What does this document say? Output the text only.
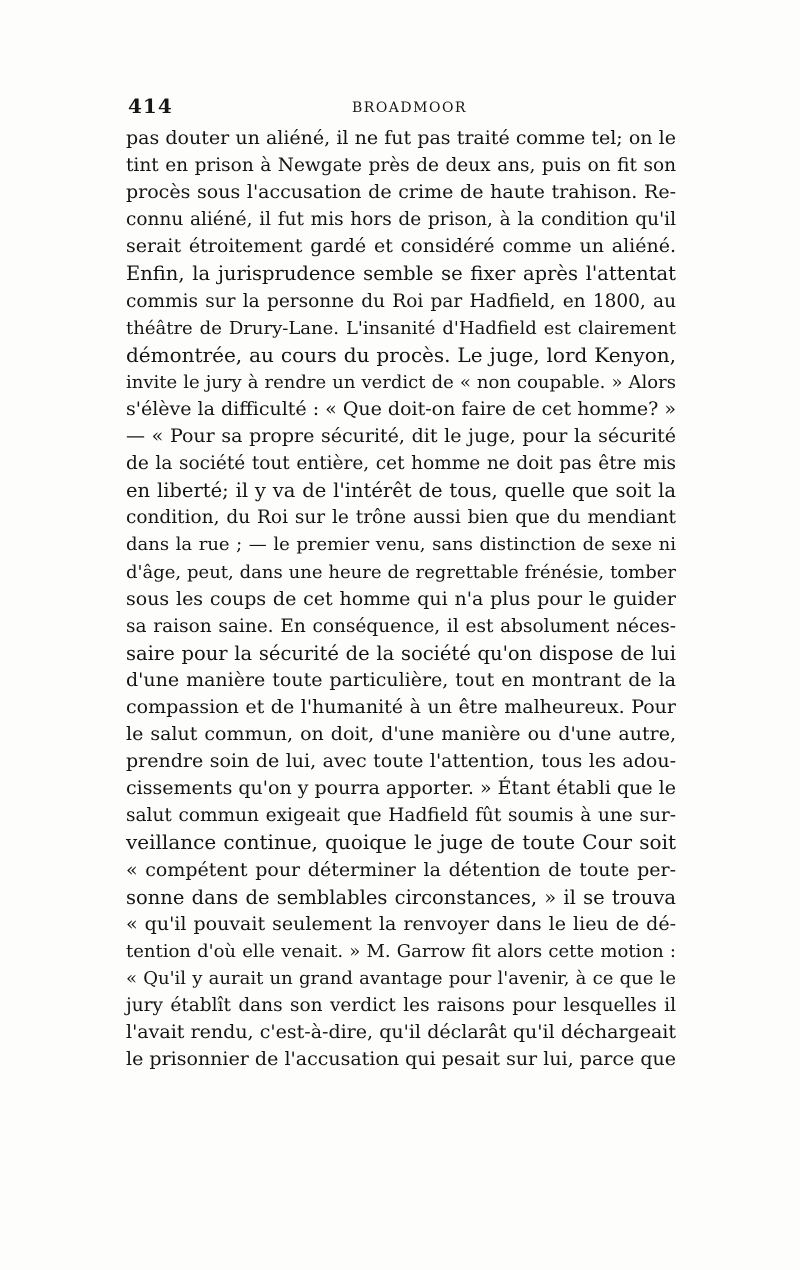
414	BROADMOOR
pas douter un aliéné, il ne fut pas traité comme tel; on le
tint en prison à Newgate près de deux ans, puis on fit son
procès sous l'accusation de crime de haute trahison. Re-
connu aliéné, il fut mis hors de prison, à la condition qu'il
serait étroitement gardé et considéré comme un aliéné.
Enfin, la jurisprudence semble se fixer après l'attentat
commis sur la personne du Roi par Hadfield, en 1800, au
théâtre de Drury-Lane. L'insanité d'Hadfield est clairement
démontrée, au cours du procès. Le juge, lord Kenyon,
invite le jury à rendre un verdict de « non coupable. » Alors
s'élève la difficulté : « Que doit-on faire de cet homme? »
— « Pour sa propre sécurité, dit le juge, pour la sécurité
de la société tout entière, cet homme ne doit pas être mis
en liberté; il y va de l'intérêt de tous, quelle que soit la
condition, du Roi sur le trône aussi bien que du mendiant
dans la rue ; — le premier venu, sans distinction de sexe ni
d'âge, peut, dans une heure de regrettable frénésie, tomber
sous les coups de cet homme qui n'a plus pour le guider
sa raison saine. En conséquence, il est absolument néces-
saire pour la sécurité de la société qu'on dispose de lui
d'une manière toute particulière, tout en montrant de la
compassion et de l'humanité à un être malheureux. Pour
le salut commun, on doit, d'une manière ou d'une autre,
prendre soin de lui, avec toute l'attention, tous les adou-
cissements qu'on y pourra apporter. » Étant établi que le
salut commun exigeait que Hadfield fût soumis à une sur-
veillance continue, quoique le juge de toute Cour soit
« compétent pour déterminer la détention de toute per-
sonne dans de semblables circonstances, » il se trouva
« qu'il pouvait seulement la renvoyer dans le lieu de dé-
tention d'où elle venait. » M. Garrow fit alors cette motion :
« Qu'il y aurait un grand avantage pour l'avenir, à ce que le
jury établît dans son verdict les raisons pour lesquelles il
l'avait rendu, c'est-à-dire, qu'il déclarât qu'il déchargeait
le prisonnier de l'accusation qui pesait sur lui, parce que
